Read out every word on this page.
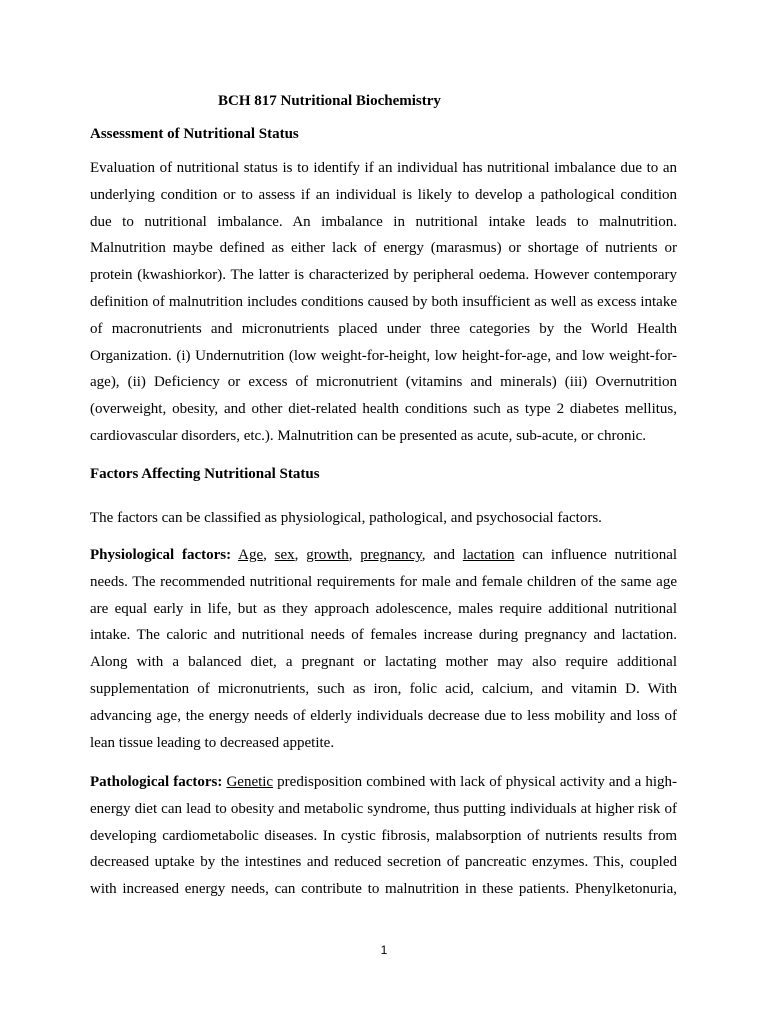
BCH 817 Nutritional Biochemistry
Assessment of Nutritional Status
Evaluation of nutritional status is to identify if an individual has nutritional imbalance due to an
underlying condition or to assess if an individual is likely to develop a pathological condition
due to nutritional imbalance. An imbalance in nutritional intake leads to malnutrition.
Malnutrition maybe defined as either lack of energy (marasmus) or shortage of nutrients or
protein (kwashiorkor). The latter is characterized by peripheral oedema. However contemporary
definition of malnutrition includes conditions caused by both insufficient as well as excess intake
of macronutrients and micronutrients placed under three categories by the World Health
Organization. (i) Undernutrition (low weight-for-height, low height-for-age, and low weight-for-
age), (ii) Deficiency or excess of micronutrient (vitamins and minerals) (iii) Overnutrition
(overweight, obesity, and other diet-related health conditions such as type 2 diabetes mellitus,
cardiovascular disorders, etc.). Malnutrition can be presented as acute, sub-acute, or chronic.
Factors Affecting Nutritional Status
The factors can be classified as physiological, pathological, and psychosocial factors.
Physiological factors: Age, sex, growth, pregnancy, and lactation can influence nutritional
needs. The recommended nutritional requirements for male and female children of the same age
are equal early in life, but as they approach adolescence, males require additional nutritional
intake. The caloric and nutritional needs of females increase during pregnancy and lactation.
Along with a balanced diet, a pregnant or lactating mother may also require additional
supplementation of micronutrients, such as iron, folic acid, calcium, and vitamin D. With
advancing age, the energy needs of elderly individuals decrease due to less mobility and loss of
lean tissue leading to decreased appetite.
Pathological factors: Genetic predisposition combined with lack of physical activity and a high-
energy diet can lead to obesity and metabolic syndrome, thus putting individuals at higher risk of
developing cardiometabolic diseases. In cystic fibrosis, malabsorption of nutrients results from
decreased uptake by the intestines and reduced secretion of pancreatic enzymes. This, coupled
with increased energy needs, can contribute to malnutrition in these patients. Phenylketonuria,
1
